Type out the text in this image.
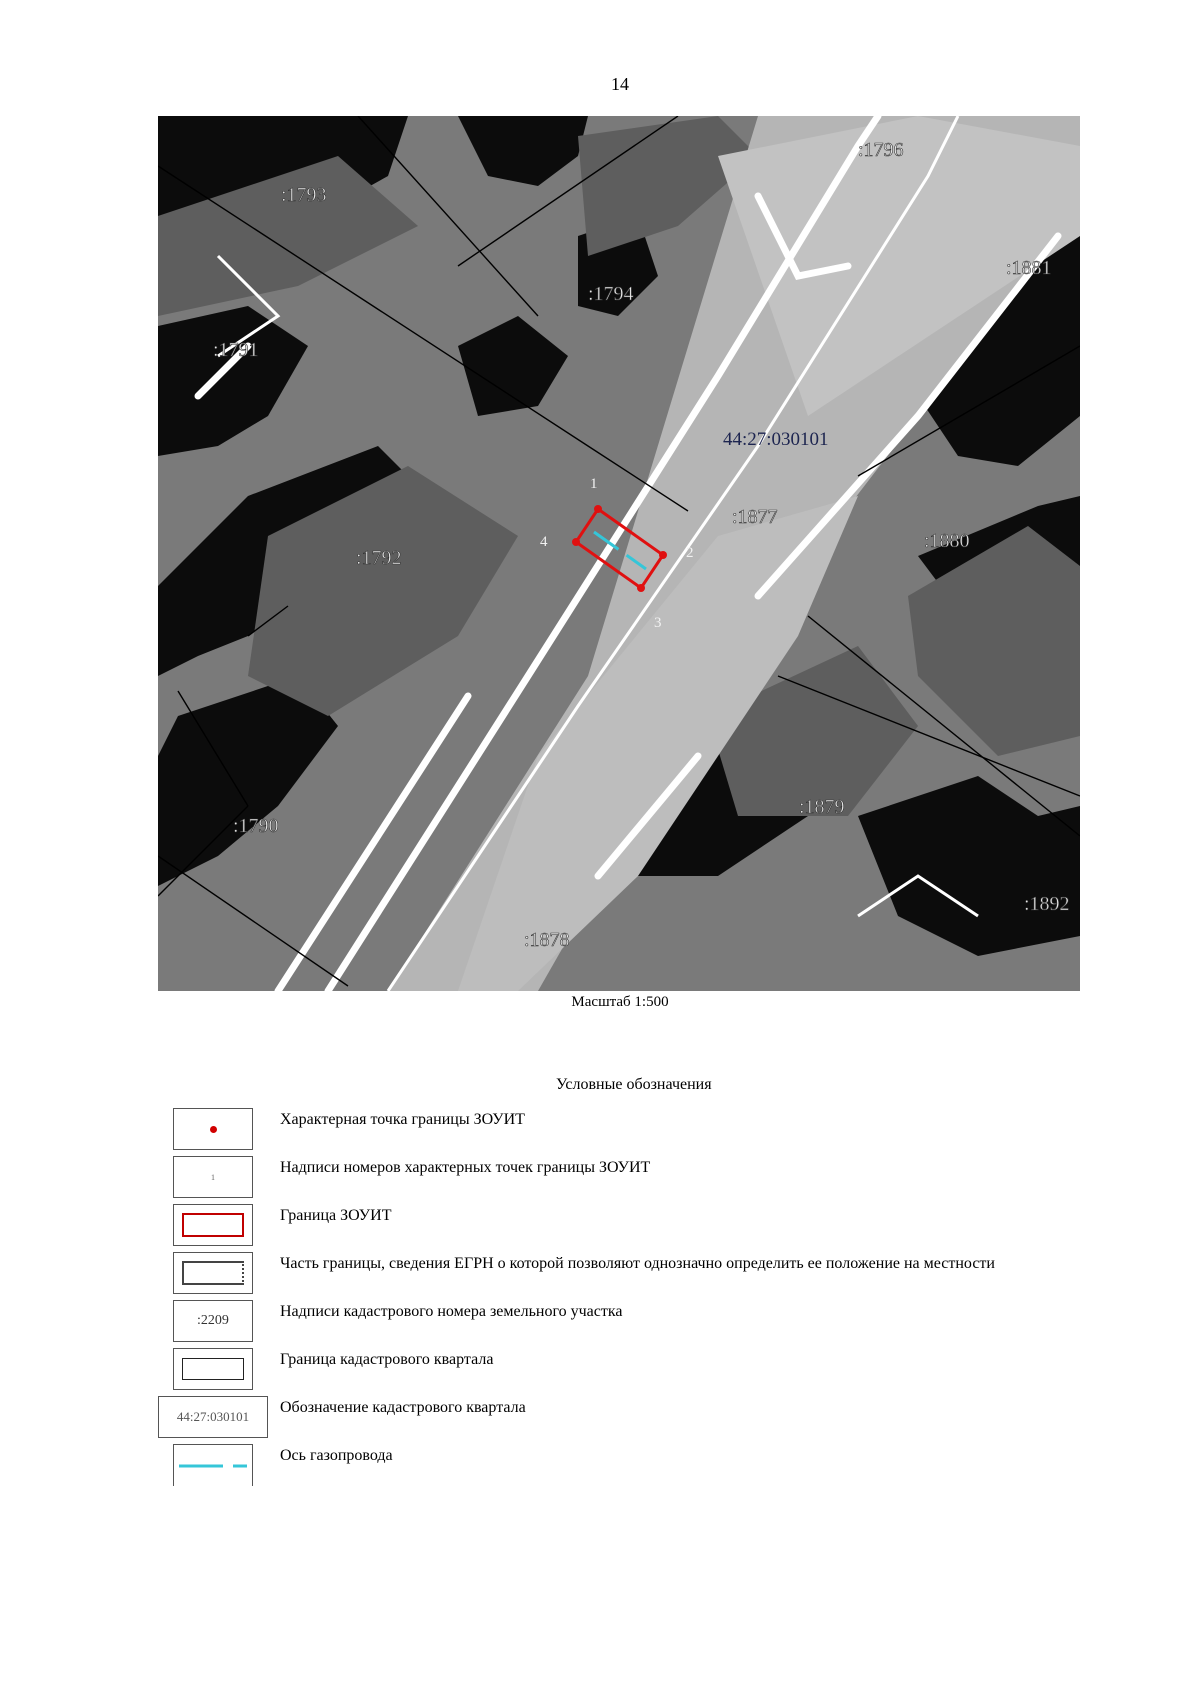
14
:1793
:1796
:1794
:1881
:1791
:1877
:1880
:1792
:1879
:1790
:1892
:1878
44:27:030101
1
2
3
4
Масштаб 1:500
Условные обозначения
Характерная точка границы ЗОУИТ
1
Надписи номеров характерных точек границы ЗОУИТ
Граница ЗОУИТ
Часть границы, сведения ЕГРН о которой позволяют однозначно определить ее положение на местности
:2209
Надписи кадастрового номера земельного участка
Граница кадастрового квартала
44:27:030101
Обозначение кадастрового квартала
Ось газопровода
